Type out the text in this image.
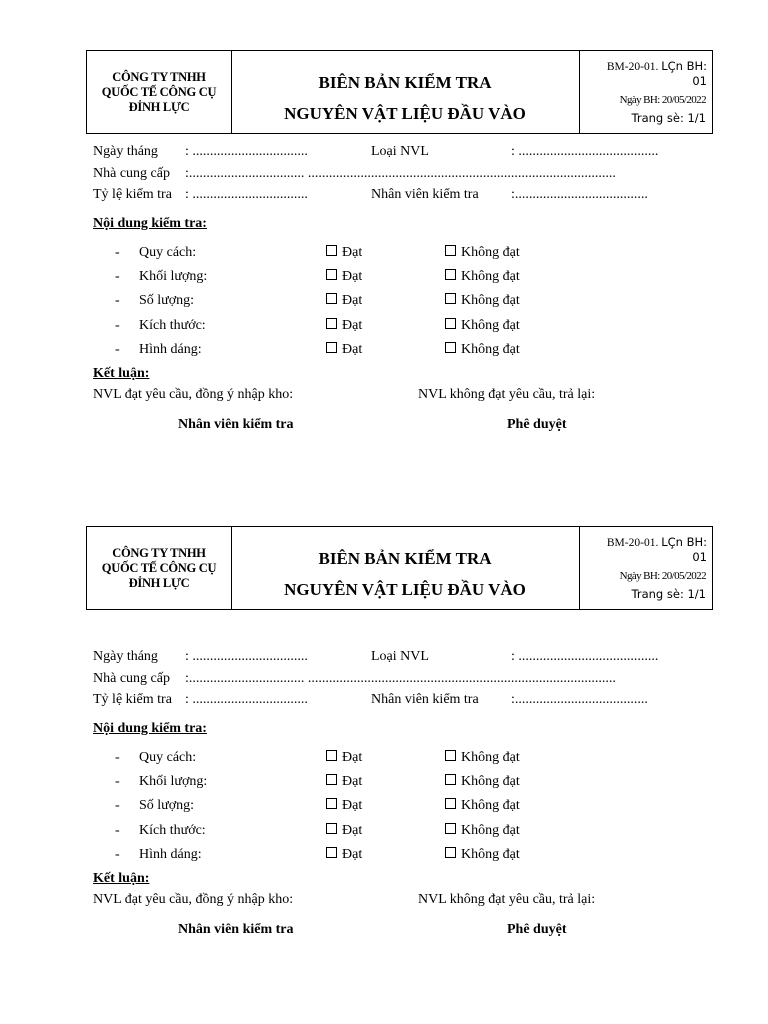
CÔNG TY TNHH
QUỐC TẾ CÔNG CỤ
ĐỈNH LỰC
BIÊN BẢN KIỂM TRA
NGUYÊN VẬT LIỆU ĐẦU VÀO
BM-20-01. LÇn BH:
01
Ngày BH: 20/05/2022
Trang sè: 1/1
Ngày tháng : .................................	Loại NVL	: ........................................
Nhà cung cấp :................................. ........................................................................................
Tỷ lệ kiểm tra : .................................	Nhân viên kiểm tra :......................................
Nội dung kiểm tra:
- Quy cách:	Đạt	Không đạt
- Khối lượng:	Đạt	Không đạt
- Số lượng:	Đạt	Không đạt
- Kích thước:	Đạt	Không đạt
- Hình dáng:	Đạt	Không đạt
Kết luận:
NVL đạt yêu cầu, đồng ý nhập kho:	NVL không đạt yêu cầu, trả lại:
Nhân viên kiểm tra	Phê duyệt
CÔNG TY TNHH
QUỐC TẾ CÔNG CỤ
ĐỈNH LỰC
BIÊN BẢN KIỂM TRA
NGUYÊN VẬT LIỆU ĐẦU VÀO
BM-20-01. LÇn BH:
01
Ngày BH: 20/05/2022
Trang sè: 1/1
Ngày tháng : .................................	Loại NVL	: ........................................
Nhà cung cấp :................................. ........................................................................................
Tỷ lệ kiểm tra : .................................	Nhân viên kiểm tra :......................................
Nội dung kiểm tra:
- Quy cách:	Đạt	Không đạt
- Khối lượng:	Đạt	Không đạt
- Số lượng:	Đạt	Không đạt
- Kích thước:	Đạt	Không đạt
- Hình dáng:	Đạt	Không đạt
Kết luận:
NVL đạt yêu cầu, đồng ý nhập kho:	NVL không đạt yêu cầu, trả lại:
Nhân viên kiểm tra	Phê duyệt
